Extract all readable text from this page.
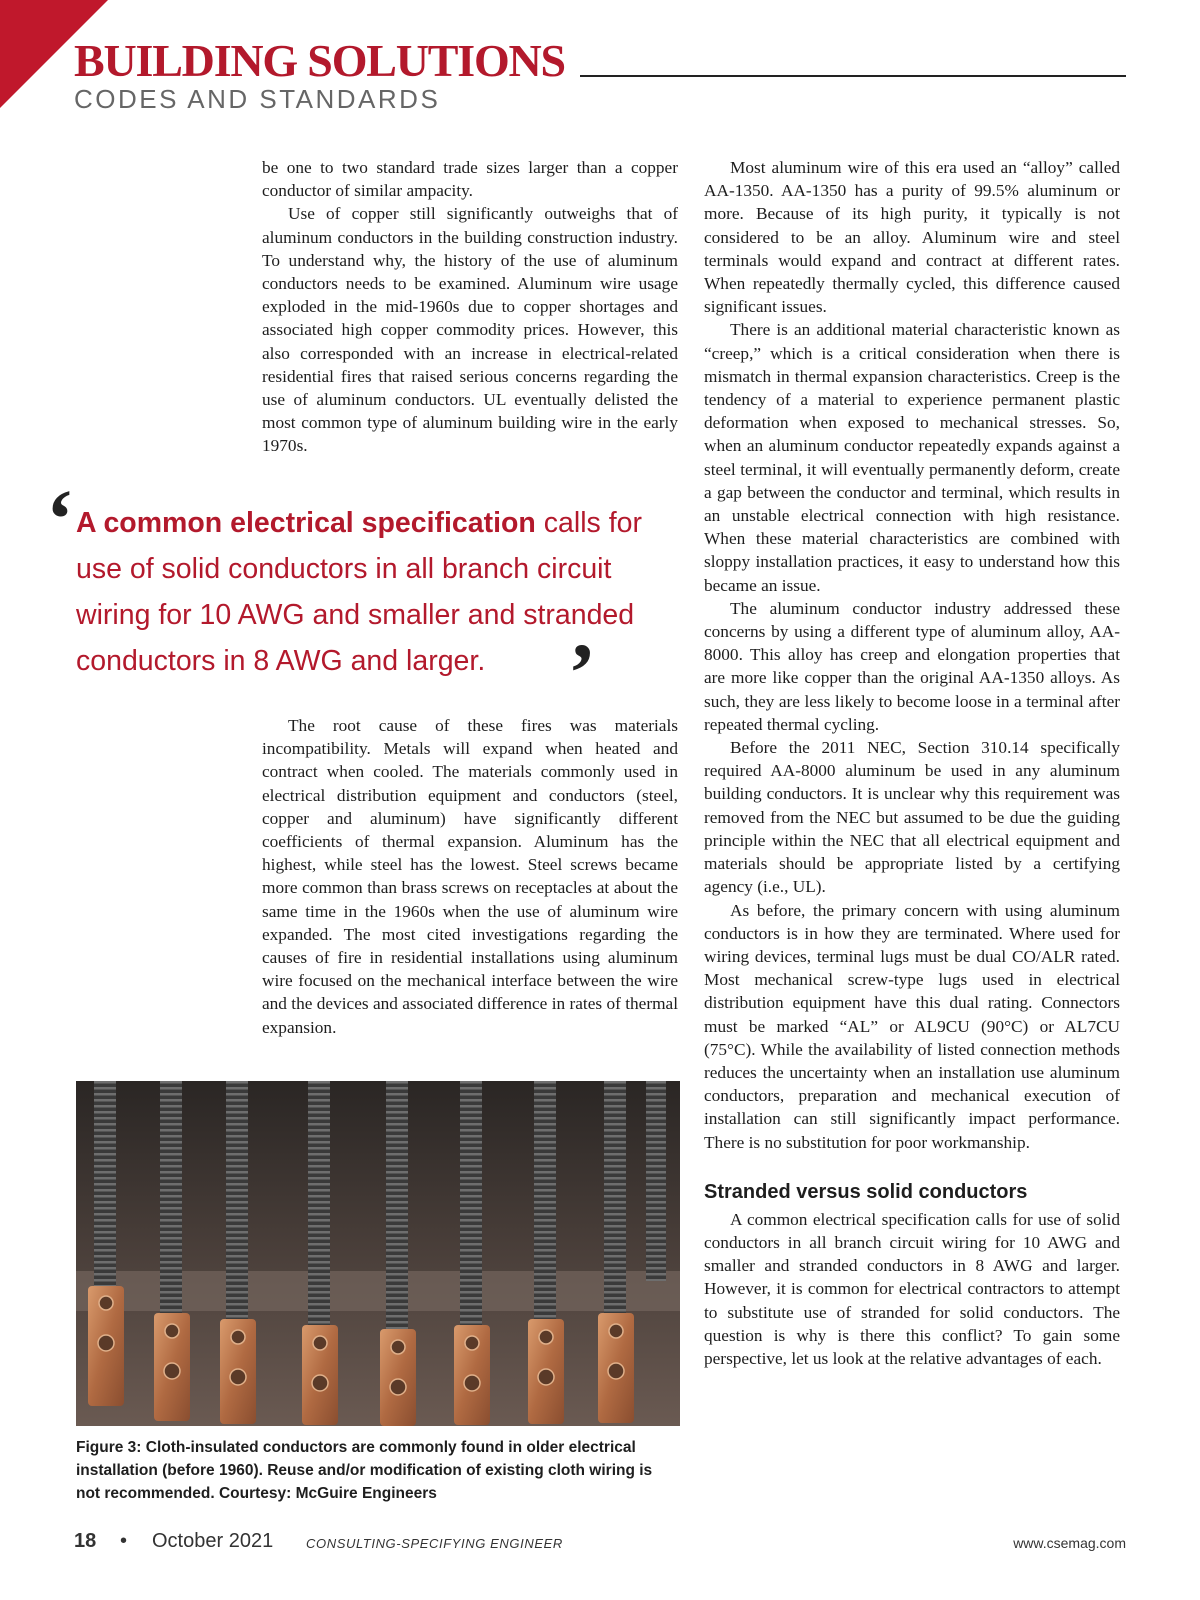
BUILDING SOLUTIONS
CODES AND STANDARDS

be one to two standard trade sizes larger than a copper conductor of similar ampacity.

Use of copper still significantly outweighs that of aluminum conductors in the building construction industry. To understand why, the history of the use of aluminum conductors needs to be examined. Aluminum wire usage exploded in the mid-1960s due to copper shortages and associated high copper commodity prices. However, this also corresponded with an increase in electrical-related residential fires that raised serious concerns regarding the use of aluminum conductors. UL eventually delisted the most common type of aluminum building wire in the early 1970s.

‘ A common electrical specification calls for use of solid conductors in all branch circuit wiring for 10 AWG and smaller and stranded conductors in 8 AWG and larger. ’

The root cause of these fires was materials incompatibility. Metals will expand when heated and contract when cooled. The materials commonly used in electrical distribution equipment and conductors (steel, copper and aluminum) have significantly different coefficients of thermal expansion. Aluminum has the highest, while steel has the lowest. Steel screws became more common than brass screws on receptacles at about the same time in the 1960s when the use of aluminum wire expanded. The most cited investigations regarding the causes of fire in residential installations using aluminum wire focused on the mechanical interface between the wire and the devices and associated difference in rates of thermal expansion.

Figure 3: Cloth-insulated conductors are commonly found in older electrical installation (before 1960). Reuse and/or modification of existing cloth wiring is not recommended. Courtesy: McGuire Engineers

Most aluminum wire of this era used an “alloy” called AA-1350. AA-1350 has a purity of 99.5% aluminum or more. Because of its high purity, it typically is not considered to be an alloy. Aluminum wire and steel terminals would expand and contract at different rates. When repeatedly thermally cycled, this difference caused significant issues.

There is an additional material characteristic known as “creep,” which is a critical consideration when there is mismatch in thermal expansion characteristics. Creep is the tendency of a material to experience permanent plastic deformation when exposed to mechanical stresses. So, when an aluminum conductor repeatedly expands against a steel terminal, it will eventually permanently deform, create a gap between the conductor and terminal, which results in an unstable electrical connection with high resistance. When these material characteristics are combined with sloppy installation practices, it easy to understand how this became an issue.

The aluminum conductor industry addressed these concerns by using a different type of aluminum alloy, AA-8000. This alloy has creep and elongation properties that are more like copper than the original AA-1350 alloys. As such, they are less likely to become loose in a terminal after repeated thermal cycling.

Before the 2011 NEC, Section 310.14 specifically required AA-8000 aluminum be used in any aluminum building conductors. It is unclear why this requirement was removed from the NEC but assumed to be due the guiding principle within the NEC that all electrical equipment and materials should be appropriate listed by a certifying agency (i.e., UL).

As before, the primary concern with using aluminum conductors is in how they are terminated. Where used for wiring devices, terminal lugs must be dual CO/ALR rated. Most mechanical screw-type lugs used in electrical distribution equipment have this dual rating. Connectors must be marked “AL” or AL9CU (90°C) or AL7CU (75°C). While the availability of listed connection methods reduces the uncertainty when an installation use aluminum conductors, preparation and mechanical execution of installation can still significantly impact performance. There is no substitution for poor workmanship.

Stranded versus solid conductors

A common electrical specification calls for use of solid conductors in all branch circuit wiring for 10 AWG and smaller and stranded conductors in 8 AWG and larger. However, it is common for electrical contractors to attempt to substitute use of stranded for solid conductors. The question is why is there this conflict? To gain some perspective, let us look at the relative advantages of each.

18 • October 2021	CONSULTING-SPECIFYING ENGINEER	www.csemag.com
